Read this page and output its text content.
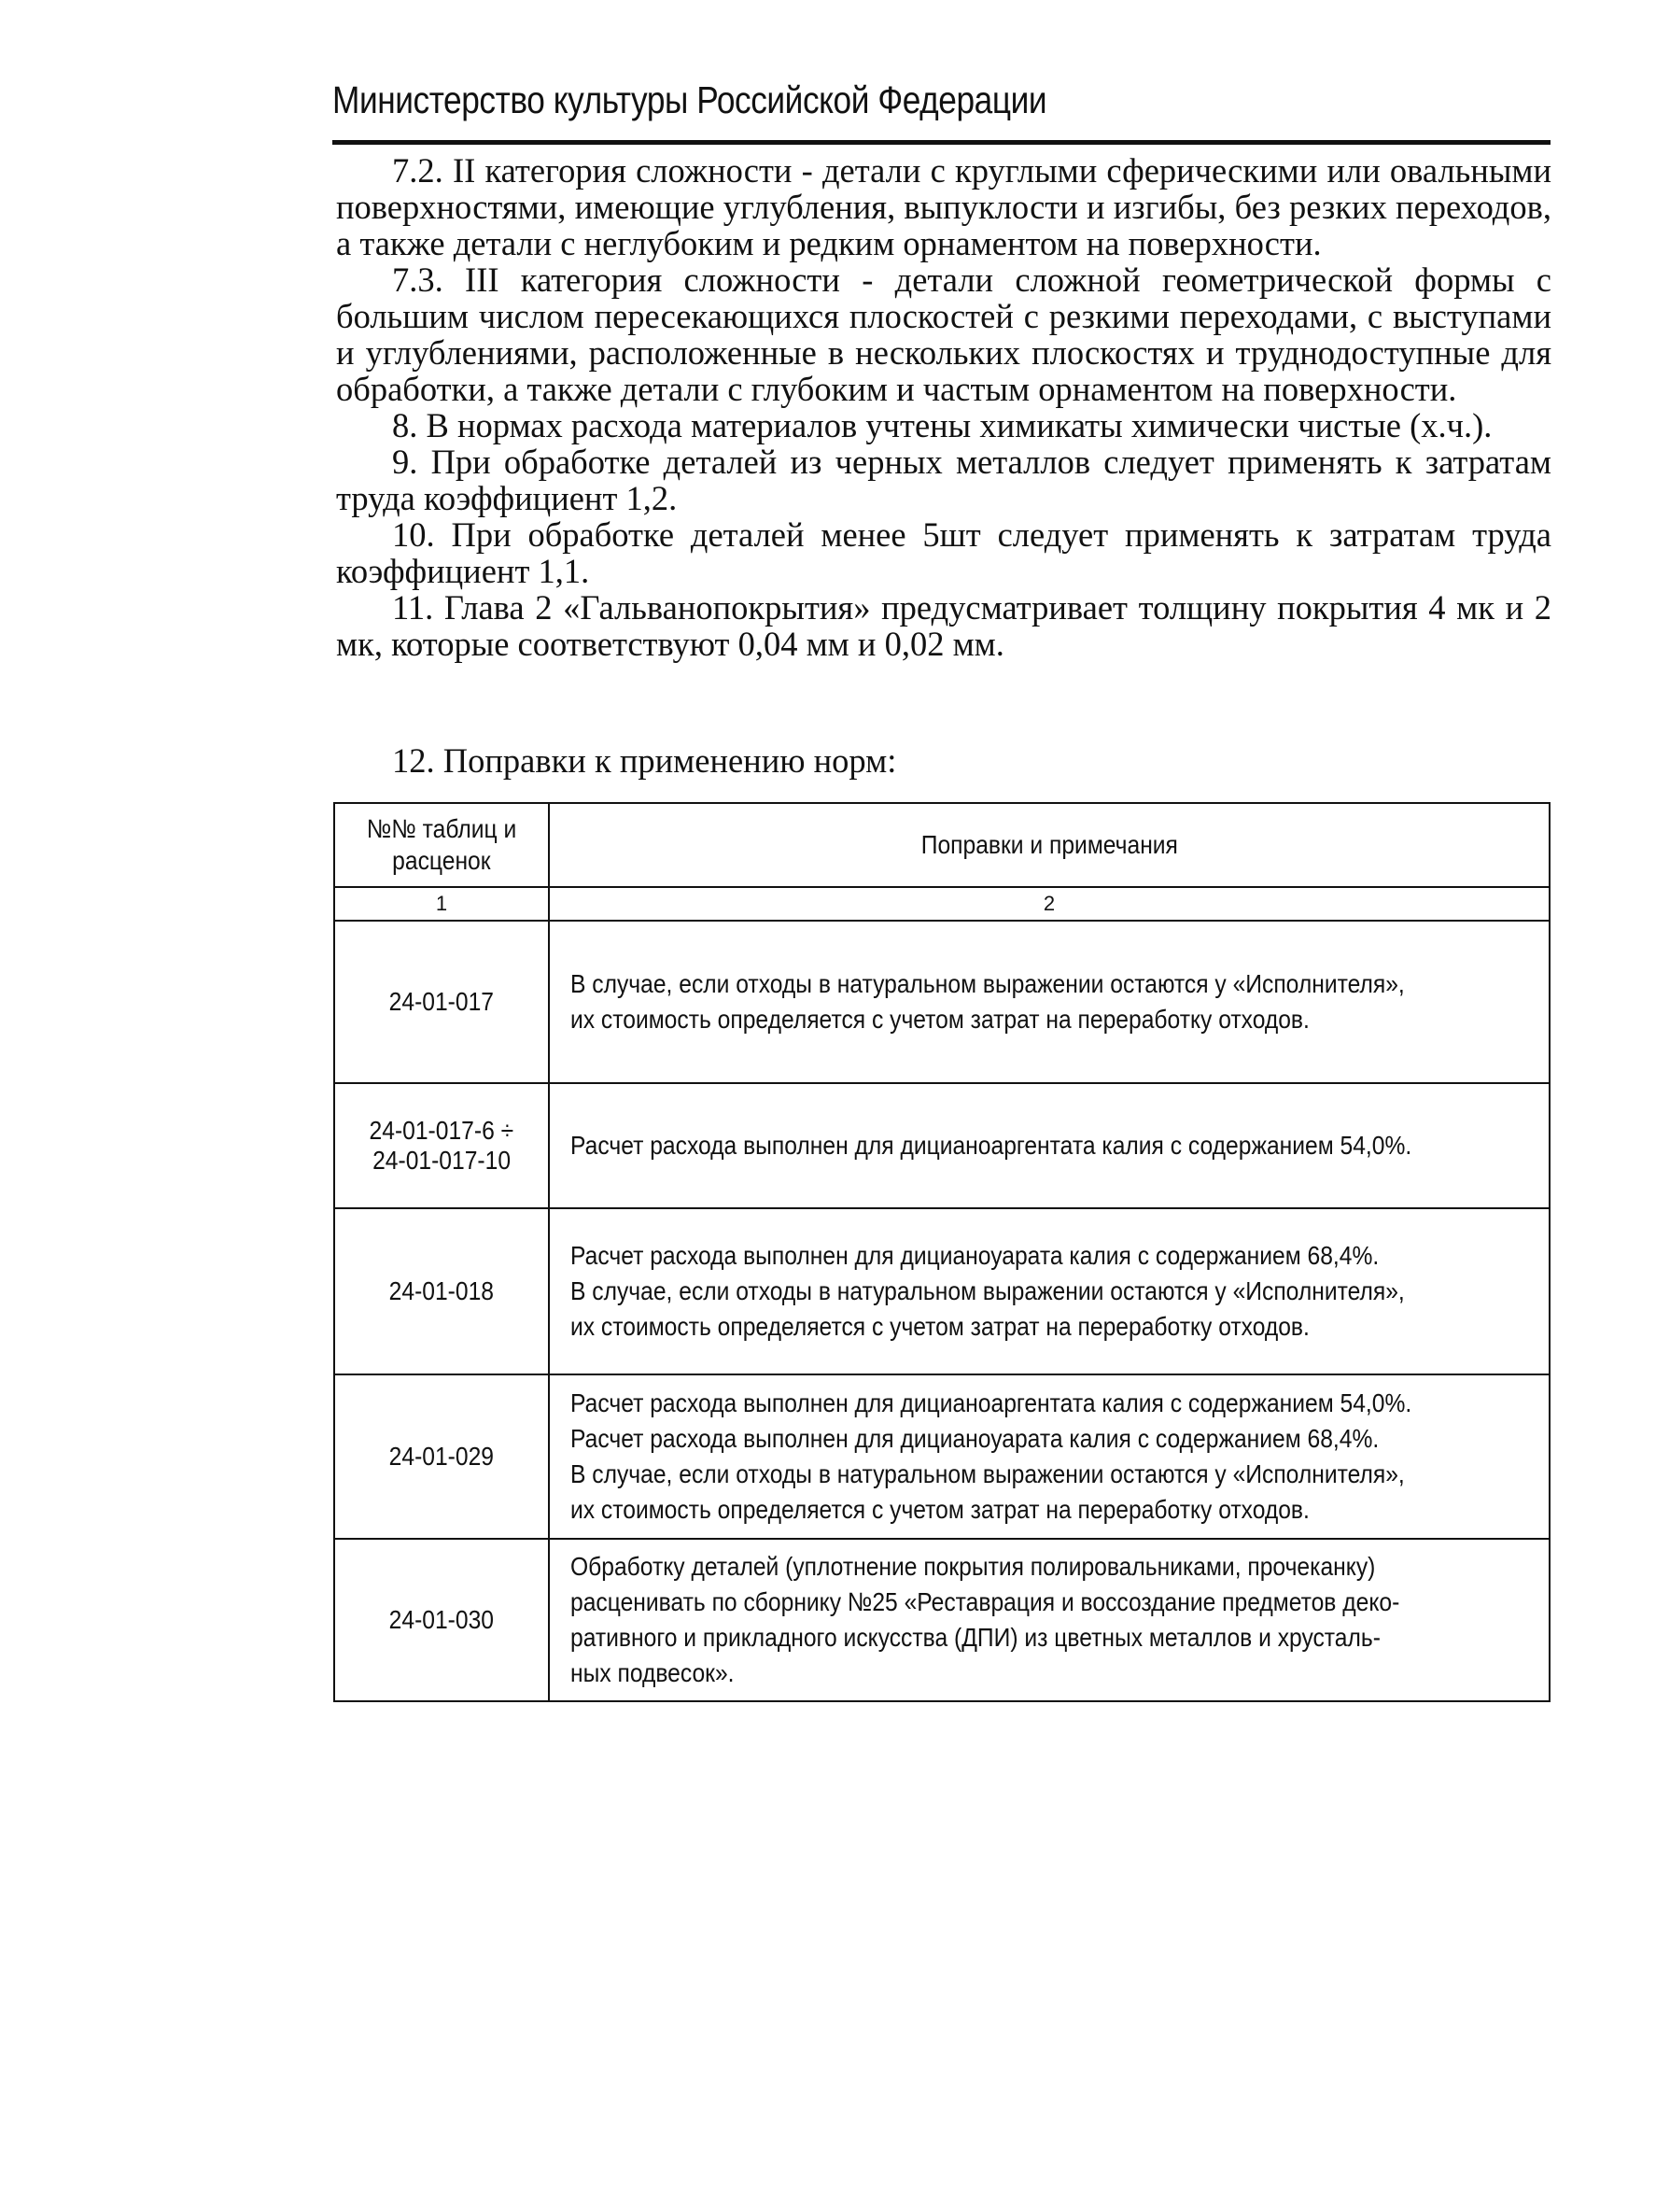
Министерство культуры Российской Федерации

7.2. II категория сложности - детали с круглыми сферическими или овальными поверхностями, имеющие углубления, выпуклости и изгибы, без резких переходов, а также детали с неглубоким и редким орнаментом на поверхности.

7.3. III категория сложности - детали сложной геометрической формы с большим числом пересекающихся плоскостей с резкими переходами, с выступами и углублениями, расположенные в нескольких плоскостях и труднодоступные для обработки, а также детали с глубоким и частым орнаментом на поверхности.

8. В нормах расхода материалов учтены химикаты химически чистые (х.ч.).

9. При обработке деталей из черных металлов следует применять к затратам труда коэффициент 1,2.

10. При обработке деталей менее 5шт следует применять к затратам труда коэффициент 1,1.

11. Глава 2 «Гальванопокрытия» предусматривает толщину покрытия 4 мк и 2 мк, которые соответствуют 0,04 мм и 0,02 мм.

12. Поправки к применению норм:
№№ таблиц и
расценок	Поправки и примечания
1	2
24-01-017	В случае, если отходы в натуральном выражении остаются у «Исполнителя»,
их стоимость определяется с учетом затрат на переработку отходов.
24-01-017-6 ÷
24-01-017-10	Расчет расхода выполнен для дицианоаргентата калия с содержанием 54,0%.
24-01-018	Расчет расхода выполнен для дицианоуарата калия с содержанием 68,4%.
В случае, если отходы в натуральном выражении остаются у «Исполнителя»,
их стоимость определяется с учетом затрат на переработку отходов.
24-01-029	Расчет расхода выполнен для дицианоаргентата калия с содержанием 54,0%.
Расчет расхода выполнен для дицианоуарата калия с содержанием 68,4%.
В случае, если отходы в натуральном выражении остаются у «Исполнителя»,
их стоимость определяется с учетом затрат на переработку отходов.
24-01-030	Обработку деталей (уплотнение покрытия полировальниками, прочеканку)
расценивать по сборнику №25 «Реставрация и воссоздание предметов деко-
ративного и прикладного искусства (ДПИ) из цветных металлов и хрусталь-
ных подвесок».
